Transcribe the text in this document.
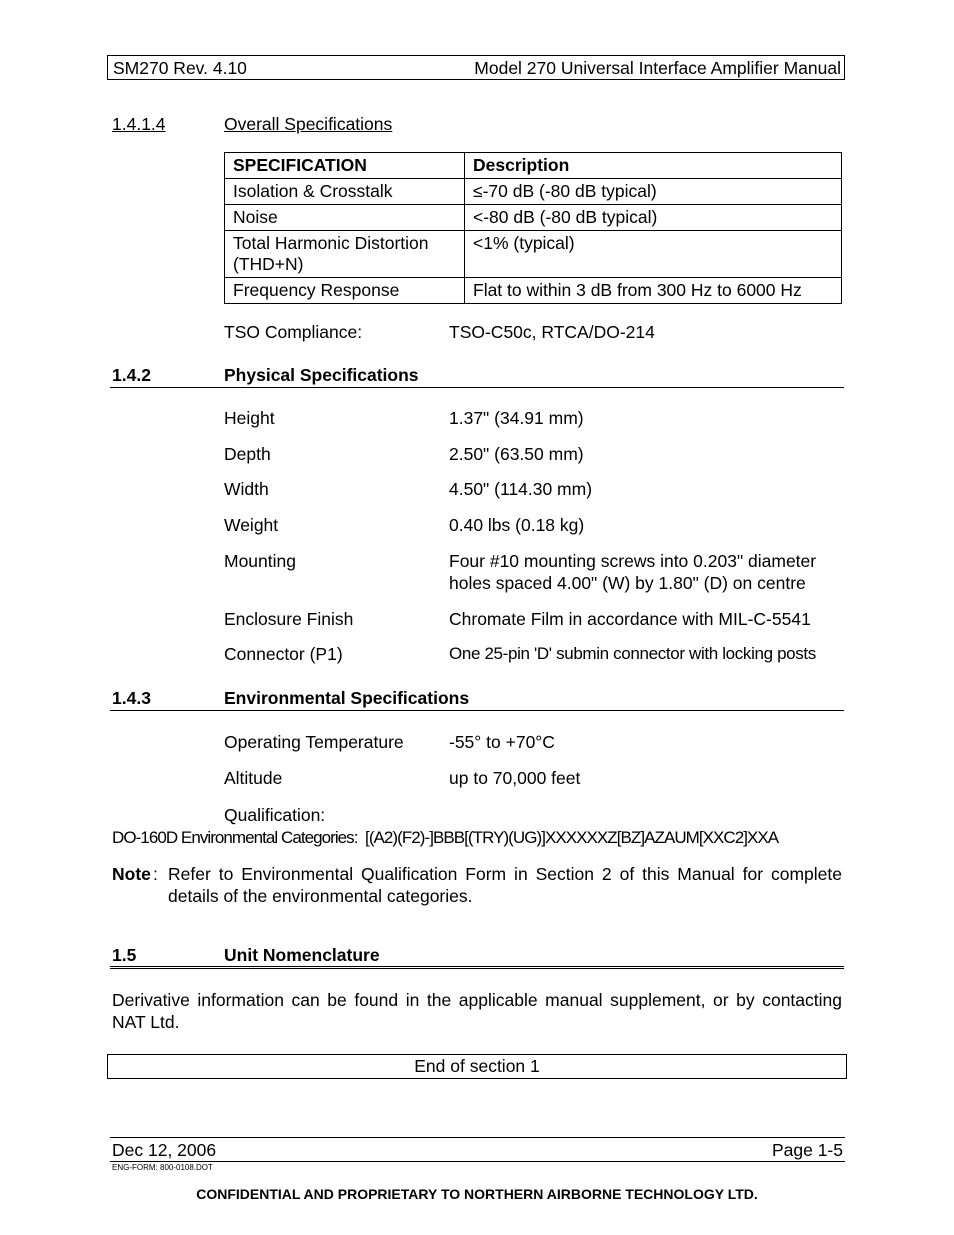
SM270 Rev. 4.10	Model 270 Universal Interface Amplifier Manual
1.4.1.4	Overall Specifications
SPECIFICATION	Description
Isolation & Crosstalk	≤-70 dB (-80 dB typical)
Noise	<-80 dB (-80 dB typical)
Total Harmonic Distortion (THD+N)	<1% (typical)
Frequency Response	Flat to within 3 dB from 300 Hz to 6000 Hz
TSO Compliance:	TSO-C50c, RTCA/DO-214
1.4.2	Physical Specifications
Height	1.37" (34.91 mm)
Depth	2.50" (63.50 mm)
Width	4.50" (114.30 mm)
Weight	0.40 lbs (0.18 kg)
Mounting	Four #10 mounting screws into 0.203" diameter holes spaced 4.00" (W) by 1.80" (D) on centre
Enclosure Finish	Chromate Film in accordance with MIL-C-5541
Connector (P1)	One 25-pin 'D' submin connector with locking posts
1.4.3	Environmental Specifications
Operating Temperature	-55° to +70°C
Altitude	up to 70,000 feet
Qualification:
DO-160D Environmental Categories:  [(A2)(F2)-]BBB[(TRY)(UG)]XXXXXXZ[BZ]AZAUM[XXC2]XXA
Note : Refer to Environmental Qualification Form in Section 2 of this Manual for complete details of the environmental categories.
1.5	Unit Nomenclature
Derivative information can be found in the applicable manual supplement, or by contacting NAT Ltd.
End of section 1
Dec 12, 2006	Page 1-5
ENG-FORM: 800-0108.DOT
CONFIDENTIAL AND PROPRIETARY TO NORTHERN AIRBORNE TECHNOLOGY LTD.
